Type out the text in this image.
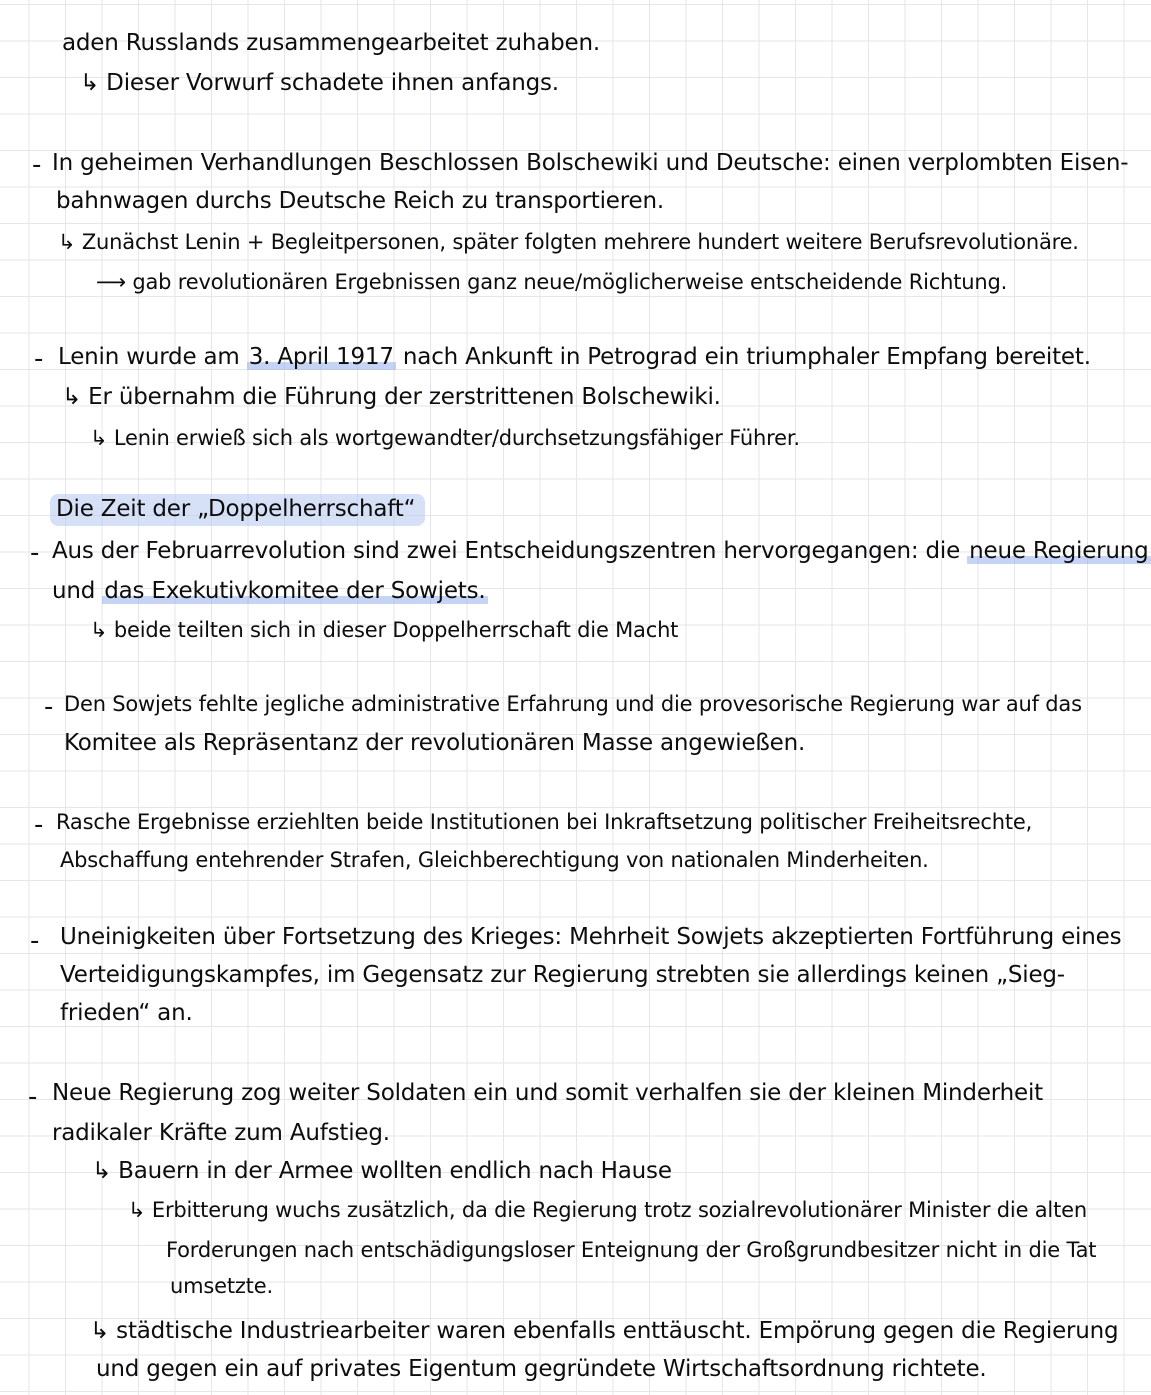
aden Russlands zusammengearbeitet zuhaben.
↳ Dieser Vorwurf schadete ihnen anfangs.
- In geheimen Verhandlungen Beschlossen Bolschewiki und Deutsche: einen verplombten Eisen-
bahnwagen durchs Deutsche Reich zu transportieren.
↳ Zunächst Lenin + Begleitpersonen, später folgten mehrere hundert weitere Berufsrevolutionäre.
⟶ gab revolutionären Ergebnissen ganz neue/möglicherweise entscheidende Richtung.
- Lenin wurde am 3. April 1917 nach Ankunft in Petrograd ein triumphaler Empfang bereitet.
↳ Er übernahm die Führung der zerstrittenen Bolschewiki.
↳ Lenin erwieß sich als wortgewandter/durchsetzungsfähiger Führer.
Die Zeit der „Doppelherrschaft“
- Aus der Februarrevolution sind zwei Entscheidungszentren hervorgegangen: die neue Regierung
und das Exekutivkomitee der Sowjets.
↳ beide teilten sich in dieser Doppelherrschaft die Macht
- Den Sowjets fehlte jegliche administrative Erfahrung und die provesorische Regierung war auf das
Komitee als Repräsentanz der revolutionären Masse angewießen.
- Rasche Ergebnisse erziehlten beide Institutionen bei Inkraftsetzung politischer Freiheitsrechte,
Abschaffung entehrender Strafen, Gleichberechtigung von nationalen Minderheiten.
- Uneinigkeiten über Fortsetzung des Krieges: Mehrheit Sowjets akzeptierten Fortführung eines
Verteidigungskampfes, im Gegensatz zur Regierung strebten sie allerdings keinen „Sieg-
frieden“ an.
- Neue Regierung zog weiter Soldaten ein und somit verhalfen sie der kleinen Minderheit
radikaler Kräfte zum Aufstieg.
↳ Bauern in der Armee wollten endlich nach Hause
↳ Erbitterung wuchs zusätzlich, da die Regierung trotz sozialrevolutionärer Minister die alten
Forderungen nach entschädigungsloser Enteignung der Großgrundbesitzer nicht in die Tat
umsetzte.
↳ städtische Industriearbeiter waren ebenfalls enttäuscht. Empörung gegen die Regierung
und gegen ein auf privates Eigentum gegründete Wirtschaftsordnung richtete.
